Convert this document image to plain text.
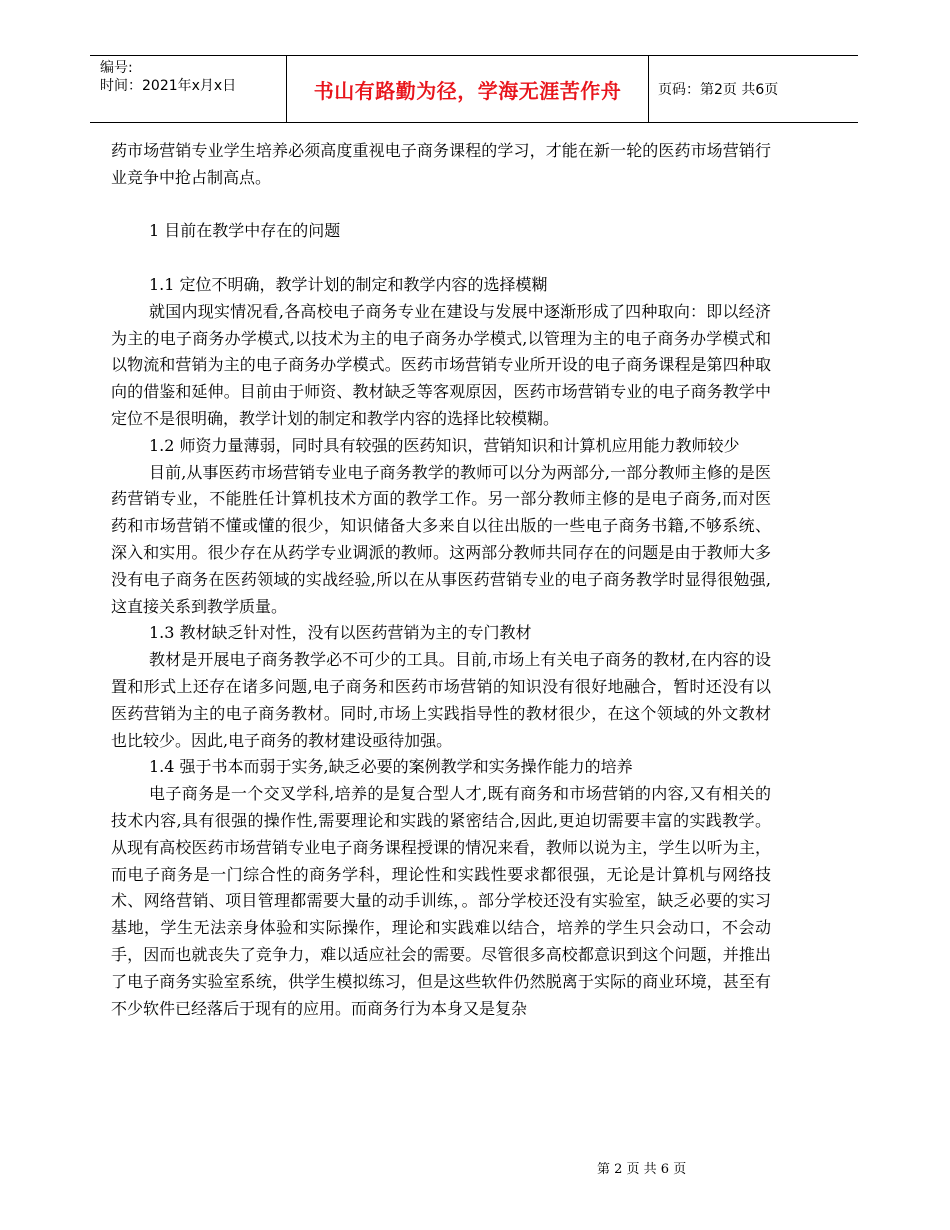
编号:
时间：2021年x月x日	书山有路勤为径，学海无涯苦作舟	页码：第2页 共6页

药市场营销专业学生培养必须高度重视电子商务课程的学习，才能在新一轮的医药市场营销行业竞争中抢占制高点。

1 目前在教学中存在的问题

1.1 定位不明确，教学计划的制定和教学内容的选择模糊

就国内现实情况看,各高校电子商务专业在建设与发展中逐渐形成了四种取向：即以经济为主的电子商务办学模式,以技术为主的电子商务办学模式,以管理为主的电子商务办学模式和以物流和营销为主的电子商务办学模式。医药市场营销专业所开设的电子商务课程是第四种取向的借鉴和延伸。目前由于师资、教材缺乏等客观原因，医药市场营销专业的电子商务教学中定位不是很明确，教学计划的制定和教学内容的选择比较模糊。

1.2 师资力量薄弱，同时具有较强的医药知识，营销知识和计算机应用能力教师较少

目前,从事医药市场营销专业电子商务教学的教师可以分为两部分,一部分教师主修的是医药营销专业，不能胜任计算机技术方面的教学工作。另一部分教师主修的是电子商务,而对医药和市场营销不懂或懂的很少，知识储备大多来自以往出版的一些电子商务书籍,不够系统、深入和实用。很少存在从药学专业调派的教师。这两部分教师共同存在的问题是由于教师大多没有电子商务在医药领域的实战经验,所以在从事医药营销专业的电子商务教学时显得很勉强,这直接关系到教学质量。

1.3 教材缺乏针对性，没有以医药营销为主的专门教材

教材是开展电子商务教学必不可少的工具。目前,市场上有关电子商务的教材,在内容的设置和形式上还存在诸多问题,电子商务和医药市场营销的知识没有很好地融合，暂时还没有以医药营销为主的电子商务教材。同时,市场上实践指导性的教材很少，在这个领域的外文教材也比较少。因此,电子商务的教材建设亟待加强。

1.4 强于书本而弱于实务,缺乏必要的案例教学和实务操作能力的培养

电子商务是一个交叉学科,培养的是复合型人才,既有商务和市场营销的内容,又有相关的技术内容,具有很强的操作性,需要理论和实践的紧密结合,因此,更迫切需要丰富的实践教学。从现有高校医药市场营销专业电子商务课程授课的情况来看，教师以说为主，学生以听为主，而电子商务是一门综合性的商务学科，理论性和实践性要求都很强，无论是计算机与网络技术、网络营销、项目管理都需要大量的动手训练，。部分学校还没有实验室，缺乏必要的实习基地，学生无法亲身体验和实际操作，理论和实践难以结合，培养的学生只会动口，不会动手，因而也就丧失了竞争力，难以适应社会的需要。尽管很多高校都意识到这个问题，并推出了电子商务实验室系统，供学生模拟练习，但是这些软件仍然脱离于实际的商业环境，甚至有不少软件已经落后于现有的应用。而商务行为本身又是复杂

第 2 页 共 6 页
